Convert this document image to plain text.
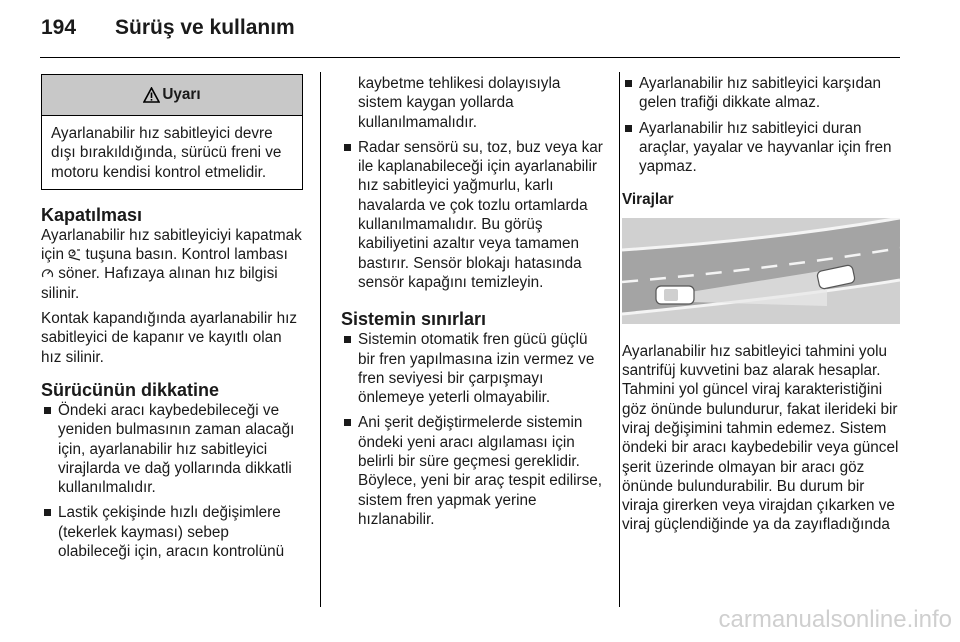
194 Sürüş ve kullanım
Uyarı
Ayarlanabilir hız sabitleyici devre dışı bırakıldığında, sürücü freni ve motoru kendisi kontrol etmelidir.
Kapatılması

Ayarlanabilir hız sabitleyiciyi kapatmak için tuşuna basın. Kontrol lambası  söner. Hafızaya alınan hız bilgisi silinir.

Kontak kapandığında ayarlanabilir hız sabitleyici de kapanır ve kayıtlı olan hız silinir.

Sürücünün dikkatine
Öndeki aracı kaybedebileceği ve yeniden bulmasının zaman alacağı için, ayarlanabilir hız sabitleyici virajlarda ve dağ yollarında dikkatli kullanılmalıdır.
Lastik çekişinde hızlı değişimlere (tekerlek kayması) sebep olabileceği için, aracın kontrolünü

kaybetme tehlikesi dolayısıyla sistem kaygan yollarda kullanılmamalıdır.

Radar sensörü su, toz, buz veya kar ile kaplanabileceği için ayarlanabilir hız sabitleyici yağmurlu, karlı havalarda ve çok tozlu ortamlarda kullanılmamalıdır. Bu görüş kabiliyetini azaltır veya tamamen bastırır. Sensör blokajı hatasında sensör kapağını temizleyin.
Sistemin sınırları
Sistemin otomatik fren gücü güçlü bir fren yapılmasına izin vermez ve fren seviyesi bir çarpışmayı önlemeye yeterli olmayabilir.
Ani şerit değiştirmelerde sistemin öndeki yeni aracı algılaması için belirli bir süre geçmesi gereklidir. Böylece, yeni bir araç tespit edilirse, sistem fren yapmak yerine hızlanabilir.
Ayarlanabilir hız sabitleyici karşıdan gelen trafiği dikkate almaz.
Ayarlanabilir hız sabitleyici duran araçlar, yayalar ve hayvanlar için fren yapmaz.
Virajlar

Ayarlanabilir hız sabitleyici tahmini yolu santrifüj kuvvetini baz alarak hesaplar. Tahmini yol güncel viraj karakteristiğini göz önünde bulundurur, fakat ilerideki bir viraj değişimini tahmin edemez. Sistem öndeki bir aracı kaybedebilir veya güncel şerit üzerinde olmayan bir aracı göz önünde bulundurabilir. Bu durum bir viraja girerken veya virajdan çıkarken ve viraj güçlendiğinde ya da zayıfladığında

carmanualsonline.info
